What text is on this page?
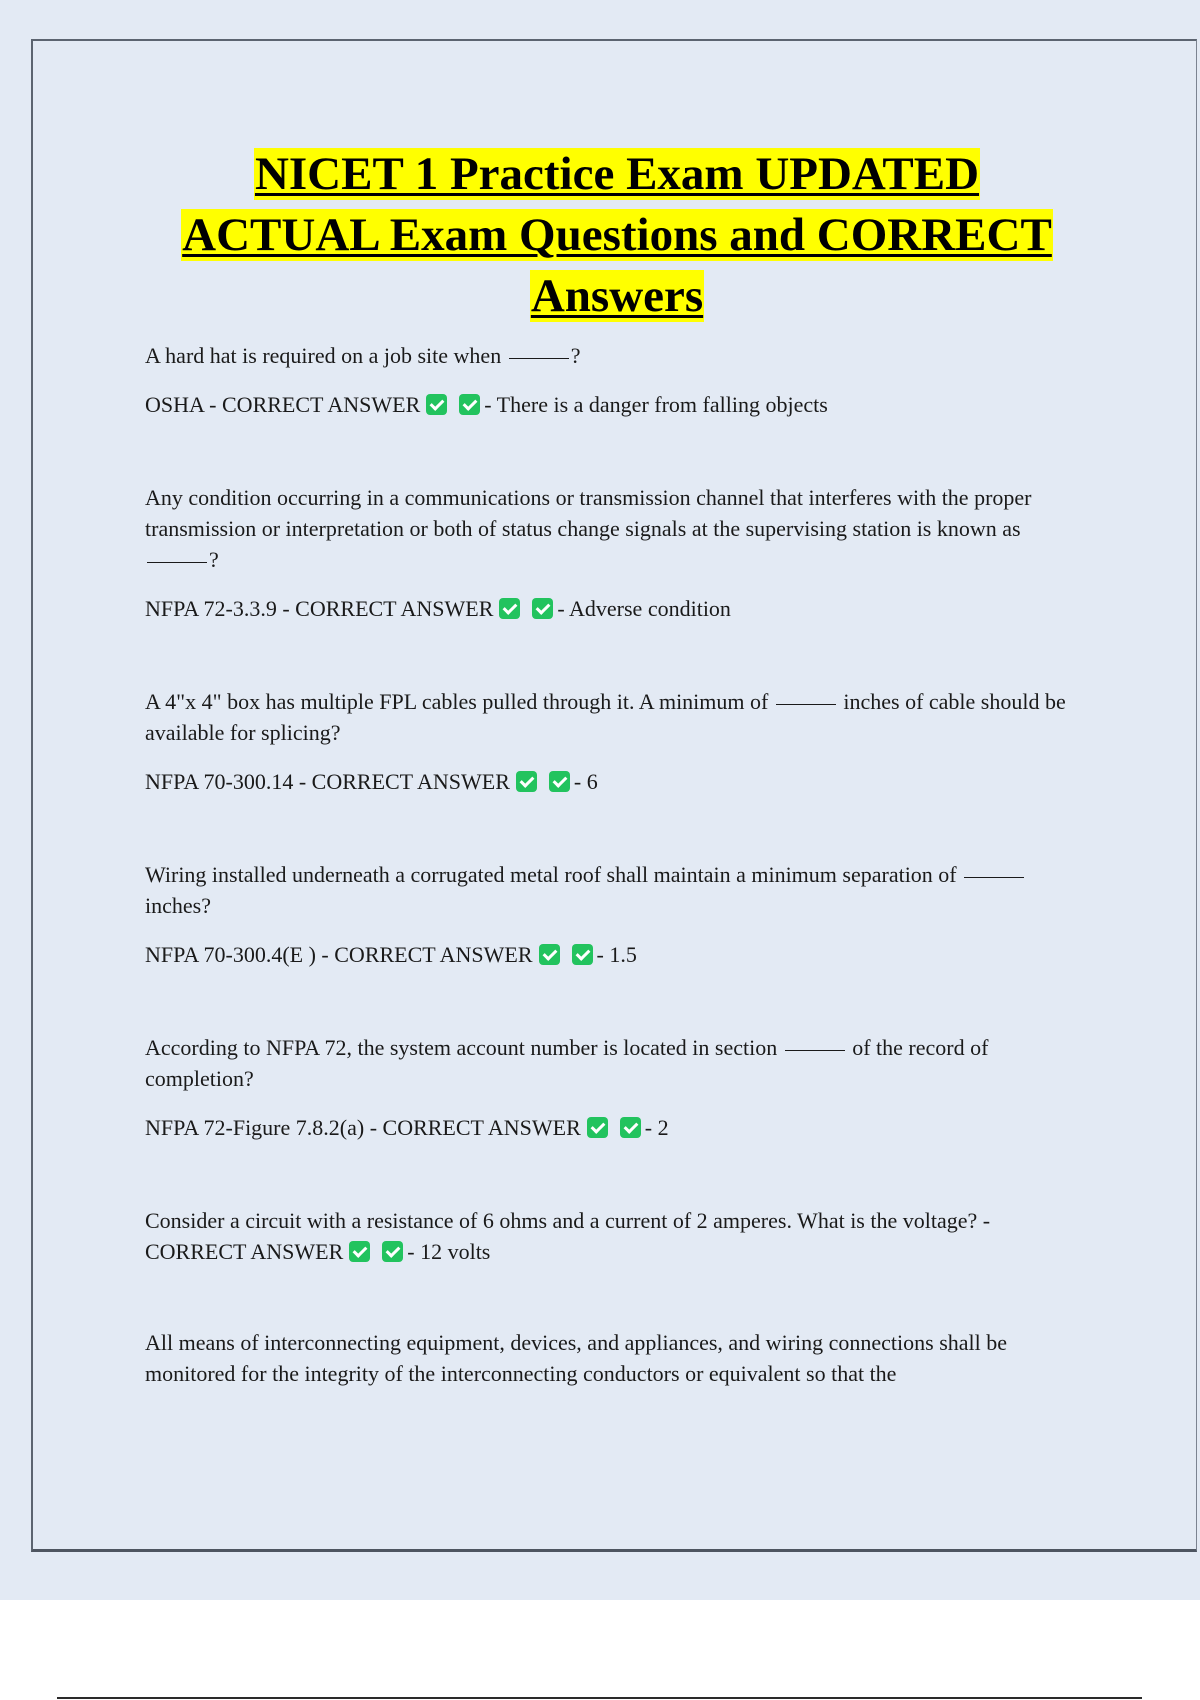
NICET 1 Practice Exam UPDATED
ACTUAL Exam Questions and CORRECT
Answers

A hard hat is required on a job site when	?

OSHA - CORRECT ANSWER	- There is a danger from falling objects

Any condition occurring in a communications or transmission channel that interferes with the proper transmission or interpretation or both of status change signals at the supervising station is known as ?

NFPA 72-3.3.9 - CORRECT ANSWER	- Adverse condition

A 4"x 4" box has multiple FPL cables pulled through it. A minimum of	inches of cable should be available for splicing?

NFPA 70-300.14 - CORRECT ANSWER	- 6

Wiring installed underneath a corrugated metal roof shall maintain a minimum separation of  inches?

NFPA 70-300.4(E ) - CORRECT ANSWER	- 1.5

According to NFPA 72, the system account number is located in section	of the record of completion?

NFPA 72-Figure 7.8.2(a) - CORRECT ANSWER	- 2

Consider a circuit with a resistance of 6 ohms and a current of 2 amperes. What is the voltage? - CORRECT ANSWER	- 12 volts

All means of interconnecting equipment, devices, and appliances, and wiring connections shall be monitored for the integrity of the interconnecting conductors or equivalent so that the
